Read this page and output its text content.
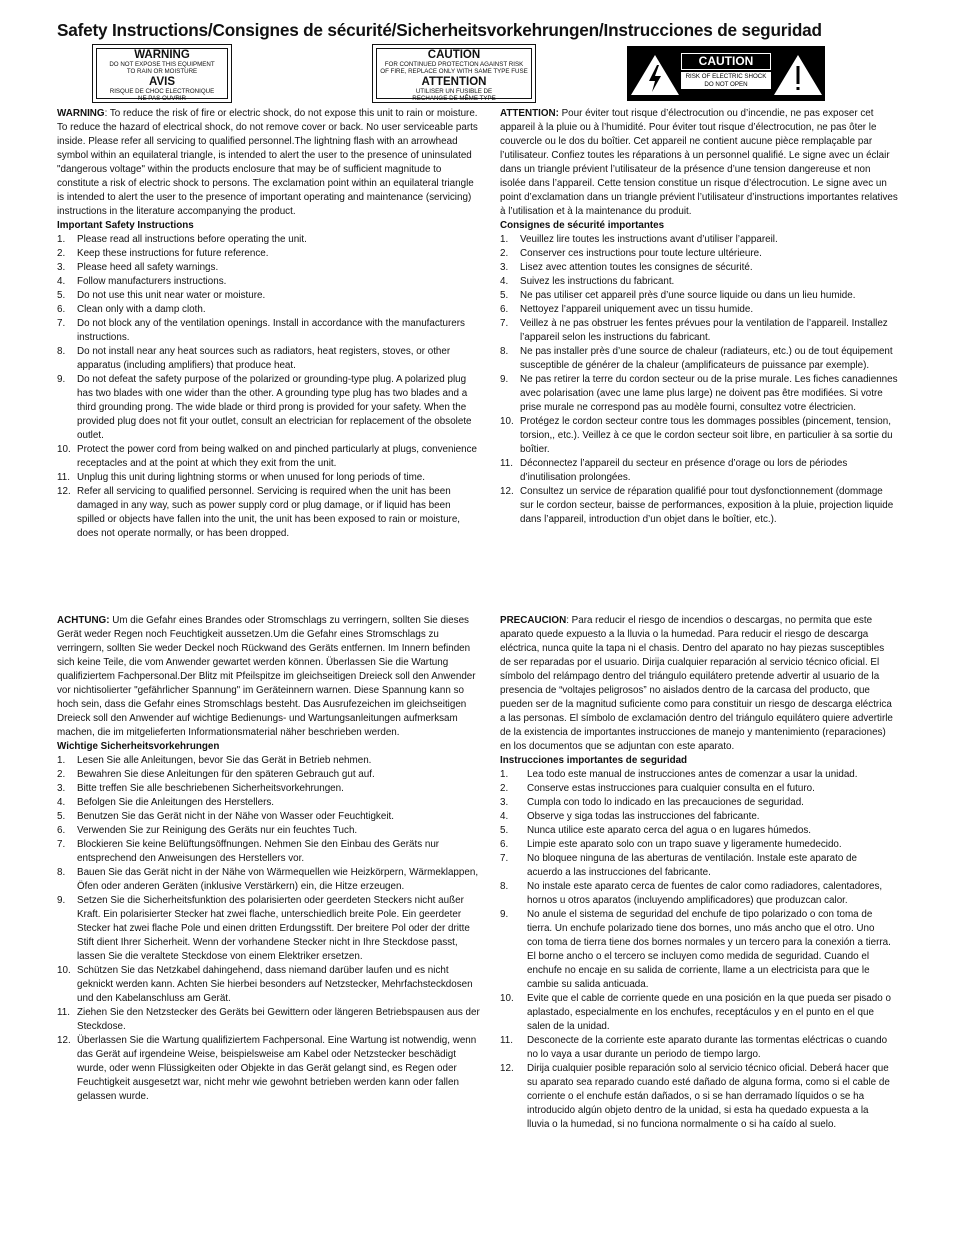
Safety Instructions/Consignes de sécurité/Sicherheitsvorkehrungen/Instrucciones de seguridad
WARNING
DO NOT EXPOSE THIS EQUIPMENT
TO RAIN OR MOISTURE
AVIS
RISQUE DE CHOC ELECTRONIQUE
NE PAS OUVRIR
CAUTION
FOR CONTINUED PROTECTION AGAINST RISK
OF FIRE, REPLACE ONLY WITH SAME TYPE FUSE
ATTENTION
UTILISER UN FUSIBLE DE
RECHANGE DE MÊME TYPE
CAUTION
RISK OF ELECTRIC SHOCK
DO NOT OPEN

WARNING: To reduce the risk of fire or electric shock, do not expose this unit to rain or moisture. To reduce the hazard of electrical shock, do not remove cover or back. No user serviceable parts inside. Please refer all servicing to qualified personnel.The lightning flash with an arrowhead symbol within an equilateral triangle, is intended to alert the user to the presence of uninsulated "dangerous voltage" within the products enclosure that may be of sufficient magnitude to constitute a risk of electric shock to persons. The exclamation point within an equilateral triangle is intended to alert the user to the presence of important operating and maintenance (servicing) instructions in the literature accompanying the product.

Important Safety Instructions

1. Please read all instructions before operating the unit.
2. Keep these instructions for future reference.
3. Please heed all safety warnings.
4. Follow manufacturers instructions.
5. Do not use this unit near water or moisture.
6. Clean only with a damp cloth.
7. Do not block any of the ventilation openings. Install in accordance with the manufacturers instructions.
8. Do not install near any heat sources such as radiators, heat registers, stoves, or other apparatus (including amplifiers) that produce heat.
9. Do not defeat the safety purpose of the polarized or grounding-type plug. A polarized plug has two blades with one wider than the other. A grounding type plug has two blades and a third grounding prong. The wide blade or third prong is provided for your safety. When the provided plug does not fit your outlet, consult an electrician for replacement of the obsolete outlet.
10. Protect the power cord from being walked on and pinched particularly at plugs, convenience receptacles and at the point at which they exit from the unit.
11. Unplug this unit during lightning storms or when unused for long periods of time.
12. Refer all servicing to qualified personnel. Servicing is required when the unit has been damaged in any way, such as power supply cord or plug damage, or if liquid has been spilled or objects have fallen into the unit, the unit has been exposed to rain or moisture, does not operate normally, or has been dropped.

ATTENTION: Pour éviter tout risque d’électrocution ou d’incendie, ne pas exposer cet appareil à la pluie ou à l’humidité. Pour éviter tout risque d’électrocution, ne pas ôter le couvercle ou le dos du boîtier. Cet appareil ne contient aucune pièce remplaçable par l’utilisateur. Confiez toutes les réparations à un personnel qualifié. Le signe avec un éclair dans un triangle prévient l’utilisateur de la présence d’une tension dangereuse et non isolée dans l’appareil. Cette tension constitue un risque d’électrocution. Le signe avec un point d’exclamation dans un triangle prévient l’utilisateur d’instructions importantes relatives à l’utilisation et à la maintenance du produit.

Consignes de sécurité importantes

1. Veuillez lire toutes les instructions avant d’utiliser l’appareil.
2. Conserver ces instructions pour toute lecture ultérieure.
3. Lisez avec attention toutes les consignes de sécurité.
4. Suivez les instructions du fabricant.
5. Ne pas utiliser cet appareil près d’une source liquide ou dans un lieu humide.
6. Nettoyez l’appareil uniquement avec un tissu humide.
7. Veillez à ne pas obstruer les fentes prévues pour la ventilation de l’appareil. Installez l’appareil selon les instructions du fabricant.
8. Ne pas installer près d’une source de chaleur (radiateurs, etc.) ou de tout équipement susceptible de générer de la chaleur (amplificateurs de puissance par exemple).
9. Ne pas retirer la terre du cordon secteur ou de la prise murale. Les fiches canadiennes avec polarisation (avec une lame plus large) ne doivent pas être modifiées. Si votre prise murale ne correspond pas au modèle fourni, consultez votre électricien.
10. Protégez le cordon secteur contre tous les dommages possibles (pincement, tension, torsion,, etc.). Veillez à ce que le cordon secteur soit libre, en particulier à sa sortie du boîtier.
11. Déconnectez l’appareil du secteur en présence d’orage ou lors de périodes d’inutilisation prolongées.
12. Consultez un service de réparation qualifié pour tout dysfonctionnement (dommage sur le cordon secteur, baisse de performances, exposition à la pluie, projection liquide dans l’appareil, introduction d’un objet dans le boîtier, etc.).

ACHTUNG: Um die Gefahr eines Brandes oder Stromschlags zu verringern, sollten Sie dieses Gerät weder Regen noch Feuchtigkeit aussetzen.Um die Gefahr eines Stromschlags zu verringern, sollten Sie weder Deckel noch Rückwand des Geräts entfernen. Im Innern befinden sich keine Teile, die vom Anwender gewartet werden können. Überlassen Sie die Wartung qualifiziertem Fachpersonal.Der Blitz mit Pfeilspitze im gleichseitigen Dreieck soll den Anwender vor nichtisolierter "gefährlicher Spannung" im Geräteinnern warnen. Diese Spannung kann so hoch sein, dass die Gefahr eines Stromschlags besteht. Das Ausrufezeichen im gleichseitigen Dreieck soll den Anwender auf wichtige Bedienungs- und Wartungsanleitungen aufmerksam machen, die im mitgelieferten Informationsmaterial näher beschrieben werden.

Wichtige Sicherheitsvorkehrungen

1. Lesen Sie alle Anleitungen, bevor Sie das Gerät in Betrieb nehmen.
2. Bewahren Sie diese Anleitungen für den späteren Gebrauch gut auf.
3. Bitte treffen Sie alle beschriebenen Sicherheitsvorkehrungen.
4. Befolgen Sie die Anleitungen des Herstellers.
5. Benutzen Sie das Gerät nicht in der Nähe von Wasser oder Feuchtigkeit.
6. Verwenden Sie zur Reinigung des Geräts nur ein feuchtes Tuch.
7. Blockieren Sie keine Belüftungsöffnungen. Nehmen Sie den Einbau des Geräts nur entsprechend den Anweisungen des Herstellers vor.
8. Bauen Sie das Gerät nicht in der Nähe von Wärmequellen wie Heizkörpern, Wärmeklappen, Öfen oder anderen Geräten (inklusive Verstärkern) ein, die Hitze erzeugen.
9. Setzen Sie die Sicherheitsfunktion des polarisierten oder geerdeten Steckers nicht außer Kraft. Ein polarisierter Stecker hat zwei flache, unterschiedlich breite Pole. Ein geerdeter Stecker hat zwei flache Pole und einen dritten Erdungsstift. Der breitere Pol oder der dritte Stift dient Ihrer Sicherheit. Wenn der vorhandene Stecker nicht in Ihre Steckdose passt, lassen Sie die veraltete Steckdose von einem Elektriker ersetzen.
10. Schützen Sie das Netzkabel dahingehend, dass niemand darüber laufen und es nicht geknickt werden kann. Achten Sie hierbei besonders auf Netzstecker, Mehrfachsteckdosen und den Kabelanschluss am Gerät.
11. Ziehen Sie den Netzstecker des Geräts bei Gewittern oder längeren Betriebspausen aus der Steckdose.
12. Überlassen Sie die Wartung qualifiziertem Fachpersonal. Eine Wartung ist notwendig, wenn das Gerät auf irgendeine Weise, beispielsweise am Kabel oder Netzstecker beschädigt wurde, oder wenn Flüssigkeiten oder Objekte in das Gerät gelangt sind, es Regen oder Feuchtigkeit ausgesetzt war, nicht mehr wie gewohnt betrieben werden kann oder fallen gelassen wurde.

PRECAUCION: Para reducir el riesgo de incendios o descargas, no permita que este aparato quede expuesto a la lluvia o la humedad. Para reducir el riesgo de descarga eléctrica, nunca quite la tapa ni el chasis. Dentro del aparato no hay piezas susceptibles de ser reparadas por el usuario. Dirija cualquier reparación al servicio técnico oficial. El símbolo del relámpago dentro del triángulo equilátero pretende advertir al usuario de la presencia de “voltajes peligrosos” no aislados dentro de la carcasa del producto, que pueden ser de la magnitud suficiente como para constituir un riesgo de descarga eléctrica a las personas. El símbolo de exclamación dentro del triángulo equilátero quiere advertirle de la existencia de importantes instrucciones de manejo y mantenimiento (reparaciones) en los documentos que se adjuntan con este aparato.

Instrucciones importantes de seguridad

1. Lea todo este manual de instrucciones antes de comenzar a usar la unidad.
2. Conserve estas instrucciones para cualquier consulta en el futuro.
3. Cumpla con todo lo indicado en las precauciones de seguridad.
4. Observe y siga todas las instrucciones del fabricante.
5. Nunca utilice este aparato cerca del agua o en lugares húmedos.
6. Limpie este aparato solo con un trapo suave y ligeramente humedecido.
7. No bloquee ninguna de las aberturas de ventilación. Instale este aparato de acuerdo a las instrucciones del fabricante.
8. No instale este aparato cerca de fuentes de calor como radiadores, calentadores, hornos u otros aparatos (incluyendo amplificadores) que produzcan calor.
9. No anule el sistema de seguridad del enchufe de tipo polarizado o con toma de tierra. Un enchufe polarizado tiene dos bornes, uno más ancho que el otro. Uno con toma de tierra tiene dos bornes normales y un tercero para la conexión a tierra. El borne ancho o el tercero se incluyen como medida de seguridad. Cuando el enchufe no encaje en su salida de corriente, llame a un electricista para que le cambie su salida anticuada.
10. Evite que el cable de corriente quede en una posición en la que pueda ser pisado o aplastado, especialmente en los enchufes, receptáculos y en el punto en el que salen de la unidad.
11. Desconecte de la corriente este aparato durante las tormentas eléctricas o cuando no lo vaya a usar durante un periodo de tiempo largo.
12. Dirija cualquier posible reparación solo al servicio técnico oficial. Deberá hacer que su aparato sea reparado cuando esté dañado de alguna forma, como si el cable de corriente o el enchufe están dañados, o si se han derramado líquidos o se ha introducido algún objeto dentro de la unidad, si esta ha quedado expuesta a la lluvia o la humedad, si no funciona normalmente o si ha caído al suelo.
